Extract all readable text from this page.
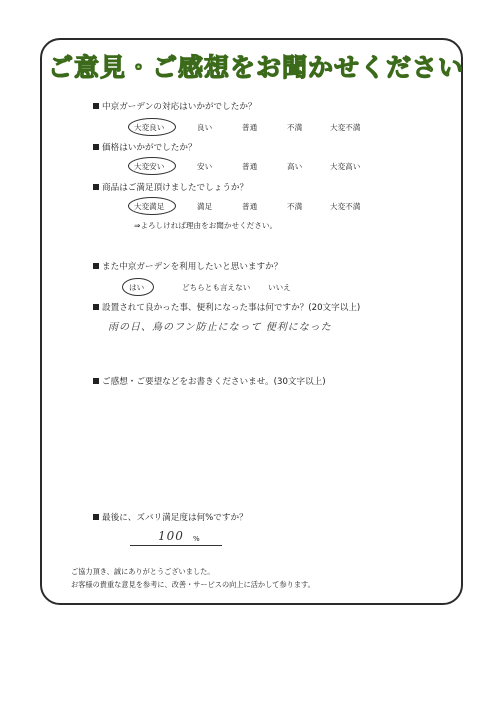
ご意見・ご感想をお聞かせください
中京ガーデンの対応はいかがでしたか？
大変良い	良い	普通	不満	大変不満
価格はいかがでしたか？
大変安い	安い	普通	高い	大変高い
商品はご満足頂けましたでしょうか？
大変満足	満足	普通	不満	大変不満
⇒よろしければ理由をお聞かせください。
また中京ガーデンを利用したいと思いますか？
はい	どちらとも言えない いいえ
設置されて良かった事、便利になった事は何ですか？(20文字以上)
雨の日、鳥のフン防止になって 便利になった
ご感想・ご要望などをお書きくださいませ。(30文字以上)
最後に、ズバリ満足度は何%ですか？
100 %
ご協力頂き、誠にありがとうございました。
お客様の貴重な意見を参考に、改善・サービスの向上に活かして参ります。
